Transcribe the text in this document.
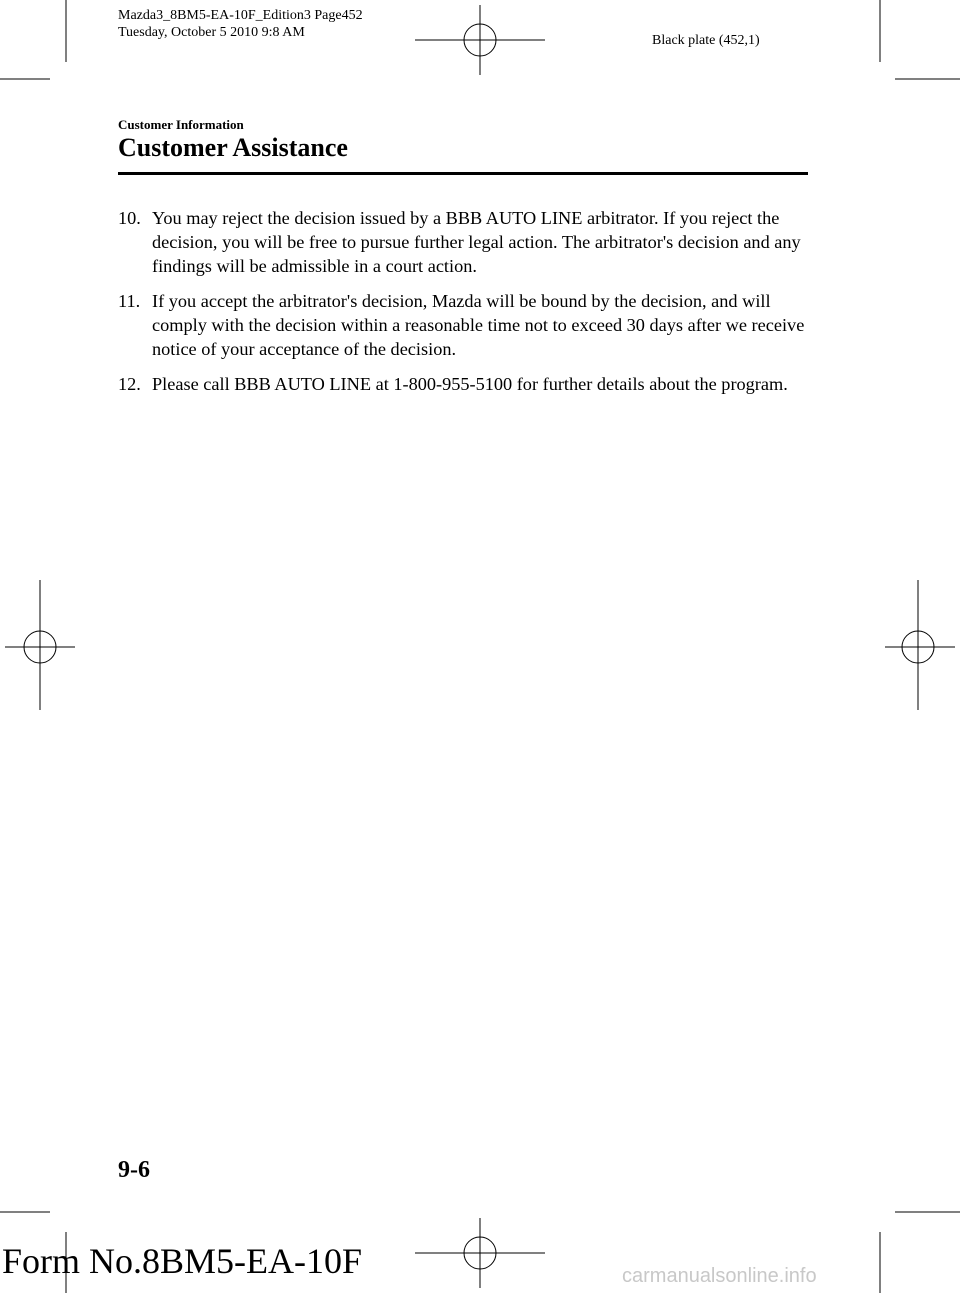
Mazda3_8BM5-EA-10F_Edition3 Page452
Tuesday, October 5 2010 9:8 AM
Black plate (452,1)
Customer Information
Customer Assistance
10. You may reject the decision issued by a BBB AUTO LINE arbitrator. If you reject the decision, you will be free to pursue further legal action. The arbitrator's decision and any findings will be admissible in a court action.
11. If you accept the arbitrator's decision, Mazda will be bound by the decision, and will comply with the decision within a reasonable time not to exceed 30 days after we receive notice of your acceptance of the decision.
12. Please call BBB AUTO LINE at 1-800-955-5100 for further details about the program.
9-6
Form No.8BM5-EA-10F	carmanualsonline.info
